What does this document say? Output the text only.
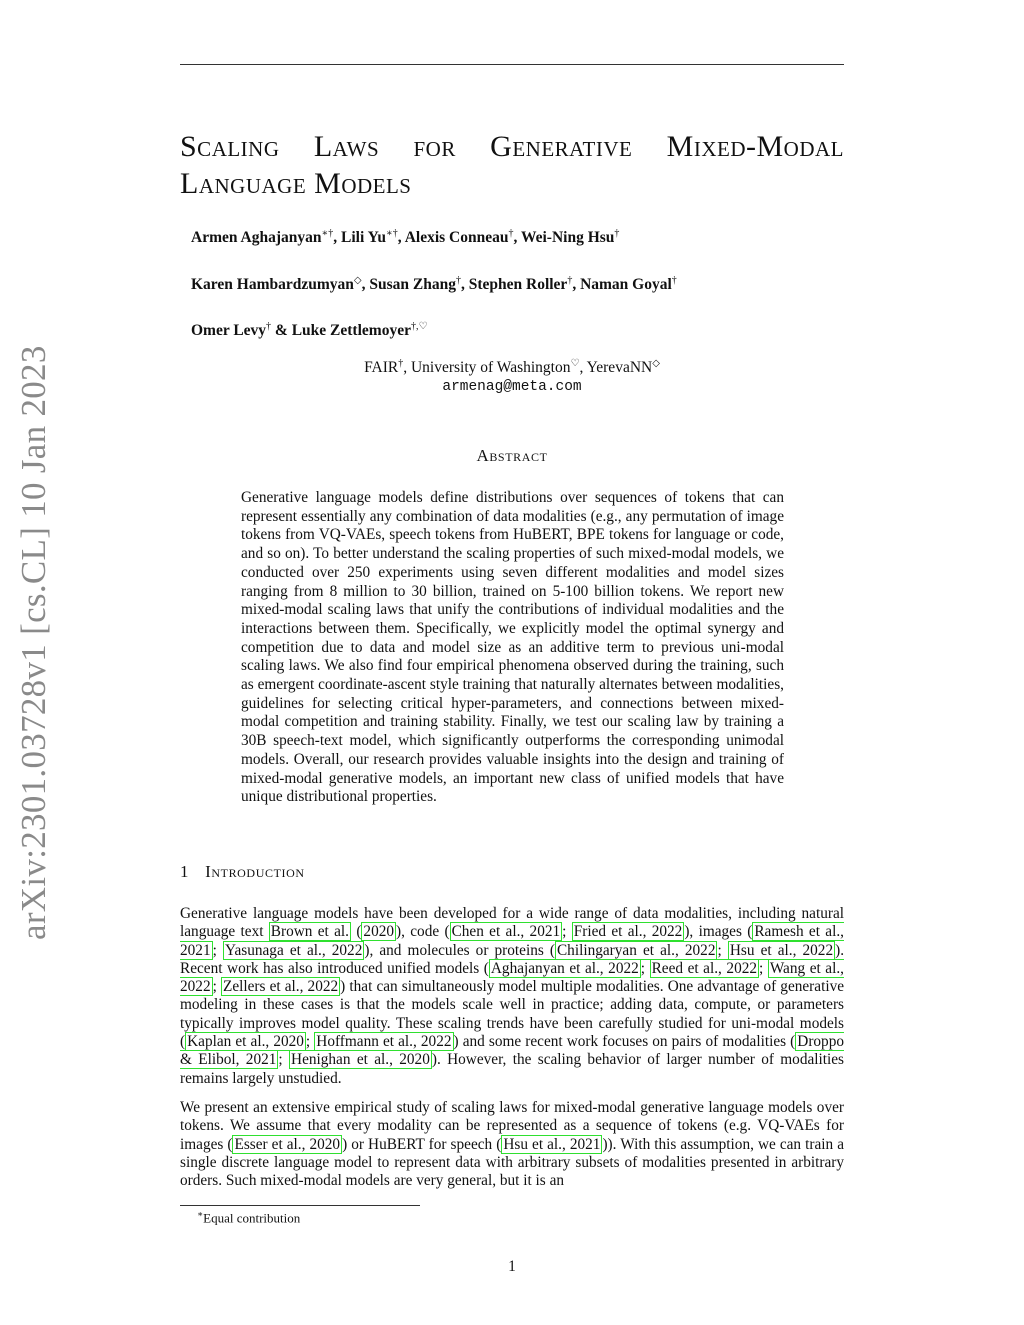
arXiv:2301.03728v1 [cs.CL] 10 Jan 2023
Scaling Laws for Generative Mixed-Modal
Language Models
Armen Aghajanyan∗†, Lili Yu∗†, Alexis Conneau†, Wei-Ning Hsu†
Karen Hambardzumyan◇, Susan Zhang†, Stephen Roller†, Naman Goyal†
Omer Levy† & Luke Zettlemoyer†,♡
FAIR†, University of Washington♡, YerevaNN◇
armenag@meta.com
Abstract
Generative language models define distributions over sequences of tokens that can represent essentially any combination of data modalities (e.g., any permutation of image tokens from VQ-VAEs, speech tokens from HuBERT, BPE tokens for language or code, and so on). To better understand the scaling properties of such mixed-modal models, we conducted over 250 experiments using seven different modalities and model sizes ranging from 8 million to 30 billion, trained on 5-100 billion tokens. We report new mixed-modal scaling laws that unify the contributions of individual modalities and the interactions between them. Specifically, we explicitly model the optimal synergy and competition due to data and model size as an additive term to previous uni-modal scaling laws. We also find four empirical phenomena observed during the training, such as emergent coordinate-ascent style training that naturally alternates between modalities, guidelines for selecting critical hyper-parameters, and connections between mixed-modal competition and training stability. Finally, we test our scaling law by training a 30B speech-text model, which significantly outperforms the corresponding unimodal models. Overall, our research provides valuable insights into the design and training of mixed-modal generative models, an important new class of unified models that have unique distributional properties.
1 Introduction
Generative language models have been developed for a wide range of data modalities, including natural language text Brown et al. ( 2020 ), code ( Chen et al., 2021 ; Fried et al., 2022 ), images ( Ramesh et al., 2021 ; Yasunaga et al., 2022 ), and molecules or proteins ( Chilingaryan et al., 2022 ; Hsu et al., 2022 ). Recent work has also introduced unified models ( Aghajanyan et al., 2022 ; Reed et al., 2022 ; Wang et al., 2022 ; Zellers et al., 2022 ) that can simultaneously model multiple modalities. One advantage of generative modeling in these cases is that the models scale well in practice; adding data, compute, or parameters typically improves model quality. These scaling trends have been carefully studied for uni-modal models ( Kaplan et al., 2020 ; Hoffmann et al., 2022 ) and some recent work focuses on pairs of modalities ( Droppo & Elibol, 2021 ; Henighan et al., 2020 ). However, the scaling behavior of larger number of modalities remains largely unstudied.
We present an extensive empirical study of scaling laws for mixed-modal generative language models over tokens. We assume that every modality can be represented as a sequence of tokens (e.g. VQ-VAEs for images ( Esser et al., 2020 ) or HuBERT for speech ( Hsu et al., 2021 )). With this assumption, we can train a single discrete language model to represent data with arbitrary subsets of modalities presented in arbitrary orders. Such mixed-modal models are very general, but it is an
∗Equal contribution
1
